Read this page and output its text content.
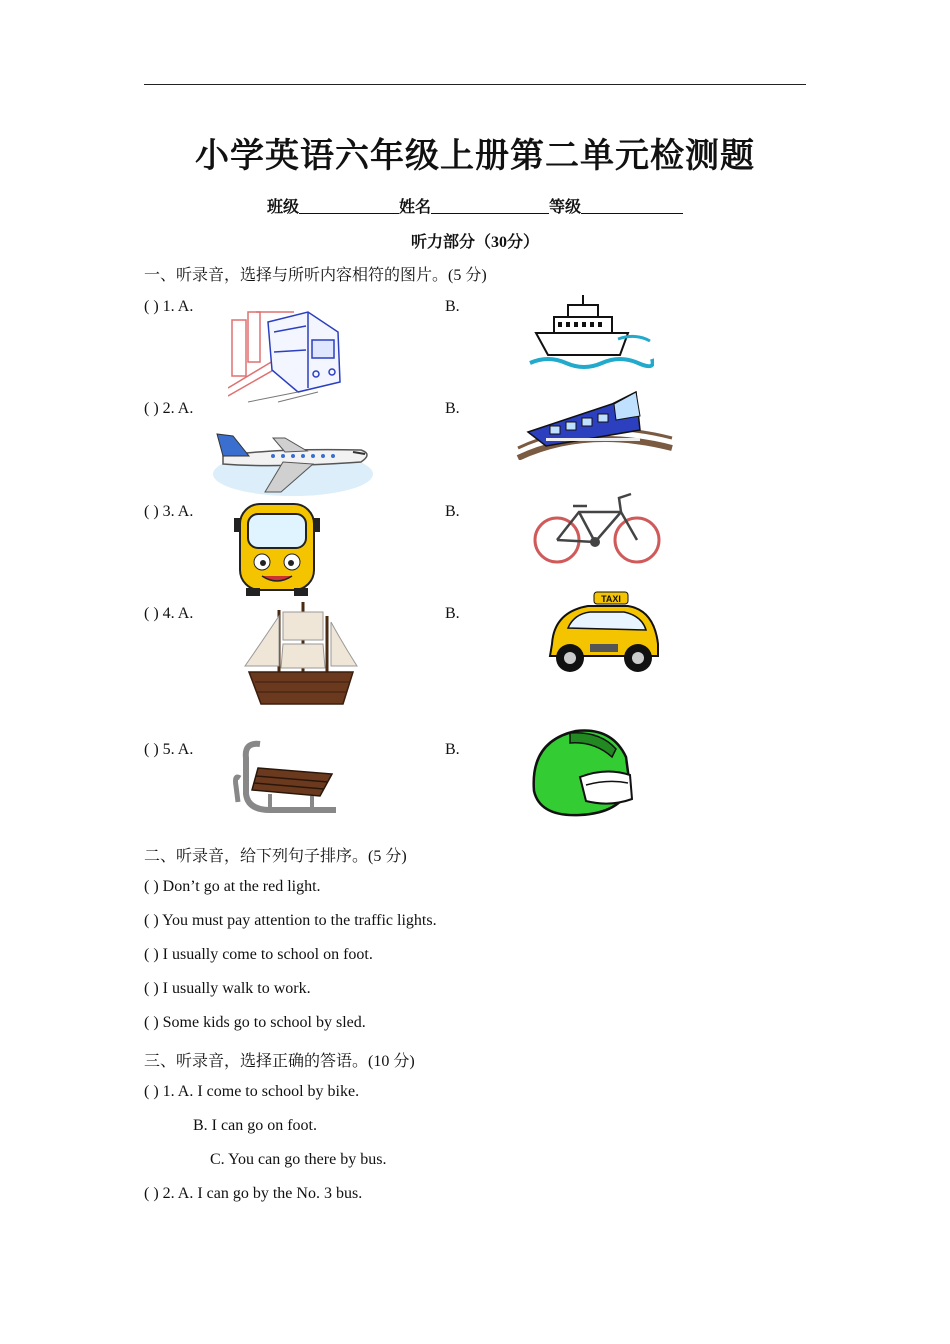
小学英语六年级上册第二单元检测题
班级	姓名	等级
听力部分（30分）
一、听录音，选择与所听内容相符的图片。(5 分)
( ) 1. A.	B.
( ) 2. A.	B.
( ) 3. A.	B.
( ) 4. A.	B.
( ) 5. A.	B.
TAXI
二、听录音，给下列句子排序。(5 分)
( ) Don’t go at the red light.
( ) You must pay attention to the traffic lights.
( ) I usually come to school on foot.
( ) I usually walk to work.
( ) Some kids go to school by sled.
三、听录音，选择正确的答语。(10 分)
( ) 1. A. I come to school by bike.
B. I can go on foot.
C. You can go there by bus.
( ) 2. A. I can go by the No. 3 bus.
